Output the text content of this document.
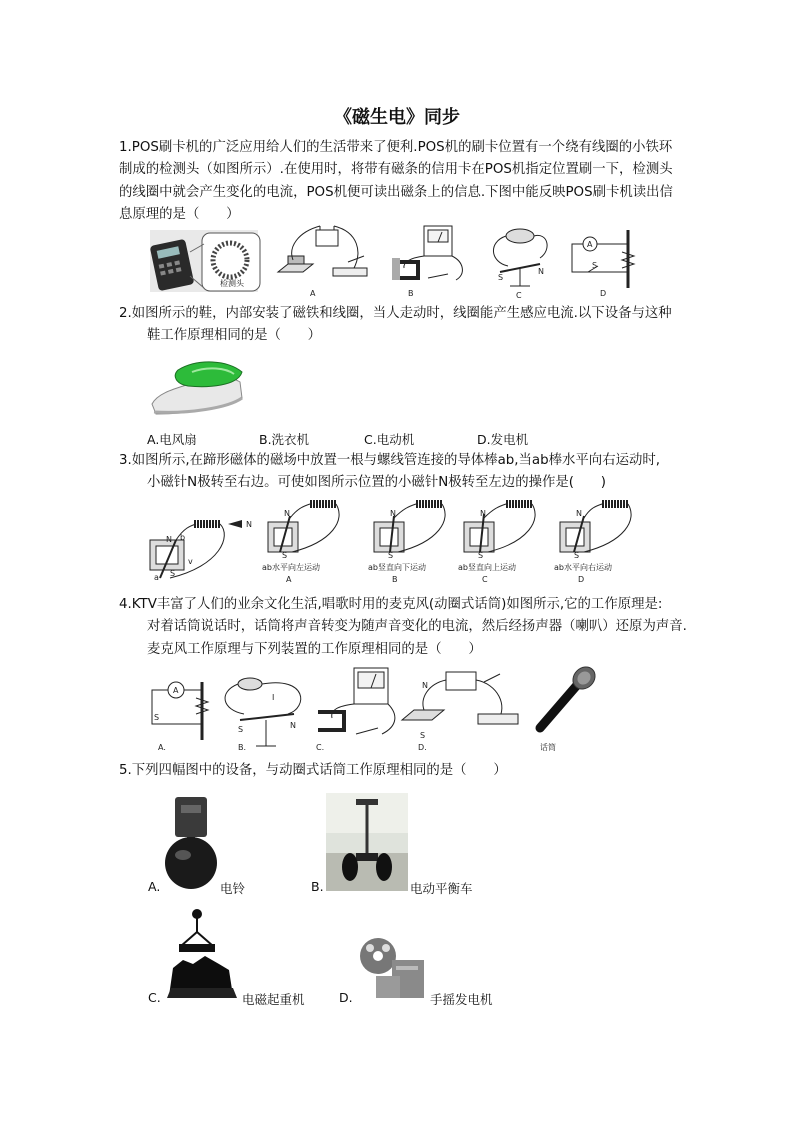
《磁生电》同步
1.POS刷卡机的广泛应用给人们的生活带来了便利.POS机的刷卡位置有一个绕有线圈的小铁环
制成的检测头（如图所示）.在使用时，将带有磁条的信用卡在POS机指定位置刷一下，检测头
的线圈中就会产生变化的电流，POS机便可读出磁条上的信息.下图中能反映POS刷卡机读出信
息原理的是（　　）
检测头
A	B
S
N
C
A
S
D
2.如图所示的鞋，内部安装了磁铁和线圈，当人走动时，线圈能产生感应电流.以下设备与这种
鞋工作原理相同的是（　　）
A.电风扇	B.洗衣机	C.电动机	D.发电机
3.如图所示,在蹄形磁体的磁场中放置一根与螺线管连接的导体棒ab,当ab棒水平向右运动时,
小磁针N极转至右边。可使如图所示位置的小磁针N极转至左边的操作是(　　)
N
a
b
N
S
v
N
S
ab水平向左运动
A
N
S
ab竖直向下运动
B
N
S
ab竖直向上运动
C
N
S
ab水平向右运动
D
4.KTV丰富了人们的业余文化生活,唱歌时用的麦克风(动圈式话筒)如图所示,它的工作原理是:
对着话筒说话时，话筒将声音转变为随声音变化的电流，然后经扬声器（喇叭）还原为声音.
麦克风工作原理与下列装置的工作原理相同的是（　　）
A
S
A.
S	N
I
B.	C.
N
S
D.	话筒
5.下列四幅图中的设备，与动圈式话筒工作原理相同的是（　　）
A.	电铃	B.	电动平衡车
C.	电磁起重机	D.	手摇发电机
